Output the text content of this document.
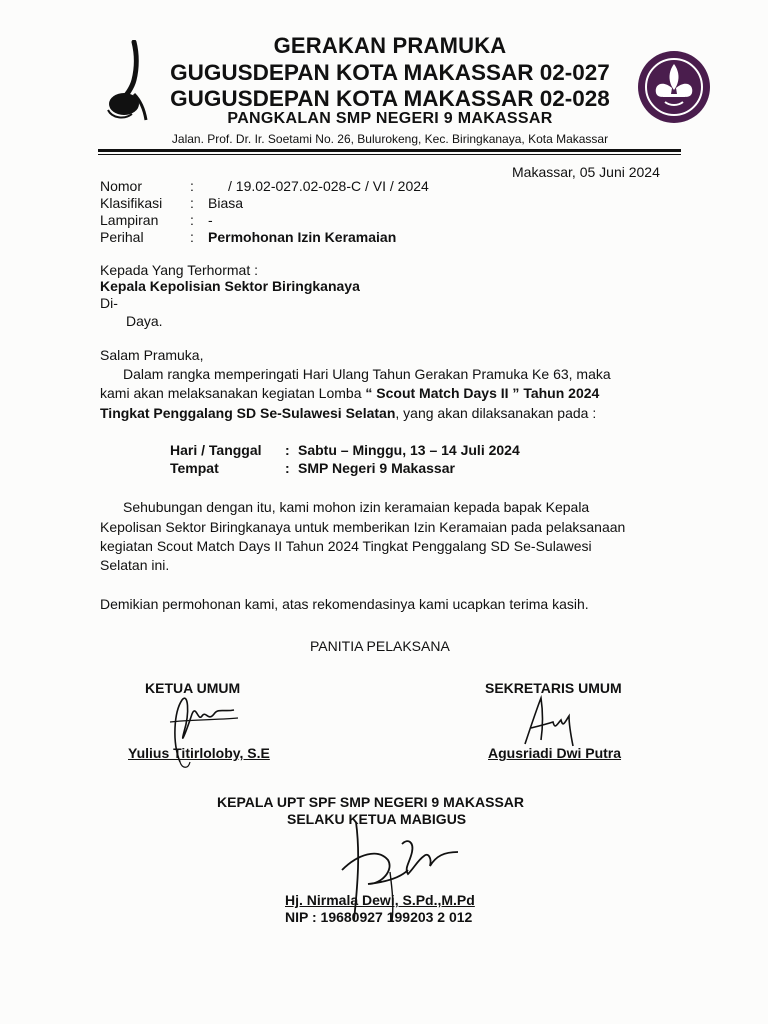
GERAKAN PRAMUKA
GUGUSDEPAN KOTA MAKASSAR 02-027
GUGUSDEPAN KOTA MAKASSAR 02-028
PANGKALAN SMP NEGERI 9 MAKASSAR
Jalan. Prof. Dr. Ir. Soetami No. 26, Bulurokeng, Kec. Biringkanaya, Kota Makassar
Makassar, 05 Juni 2024
Nomor	: / 19.02-027.02-028-C / VI / 2024
Klasifikasi : Biasa
Lampiran : -
Perihal	: Permohonan Izin Keramaian
Kepada Yang Terhormat :
Kepala Kepolisian Sektor Biringkanaya
Di-
Daya.
Salam Pramuka,
Dalam rangka memperingati Hari Ulang Tahun Gerakan Pramuka Ke 63, maka
kami akan melaksanakan kegiatan Lomba “ Scout Match Days II ” Tahun 2024
Tingkat Penggalang SD Se-Sulawesi Selatan, yang akan dilaksanakan pada :
Hari / Tanggal : Sabtu – Minggu, 13 – 14 Juli 2024
Tempat	: SMP Negeri 9 Makassar
Sehubungan dengan itu, kami mohon izin keramaian kepada bapak Kepala
Kepolisan Sektor Biringkanaya untuk memberikan Izin Keramaian pada pelaksanaan
kegiatan Scout Match Days II Tahun 2024 Tingkat Penggalang SD Se-Sulawesi
Selatan ini.
Demikian permohonan kami, atas rekomendasinya kami ucapkan terima kasih.
PANITIA PELAKSANA
KETUA UMUM
Yulius Titirloloby, S.E
SEKRETARIS UMUM
Agusriadi Dwi Putra
KEPALA UPT SPF SMP NEGERI 9 MAKASSAR
SELAKU KETUA MABIGUS
Hj. Nirmala Dewi, S.Pd.,M.Pd
NIP : 19680927 199203 2 012
